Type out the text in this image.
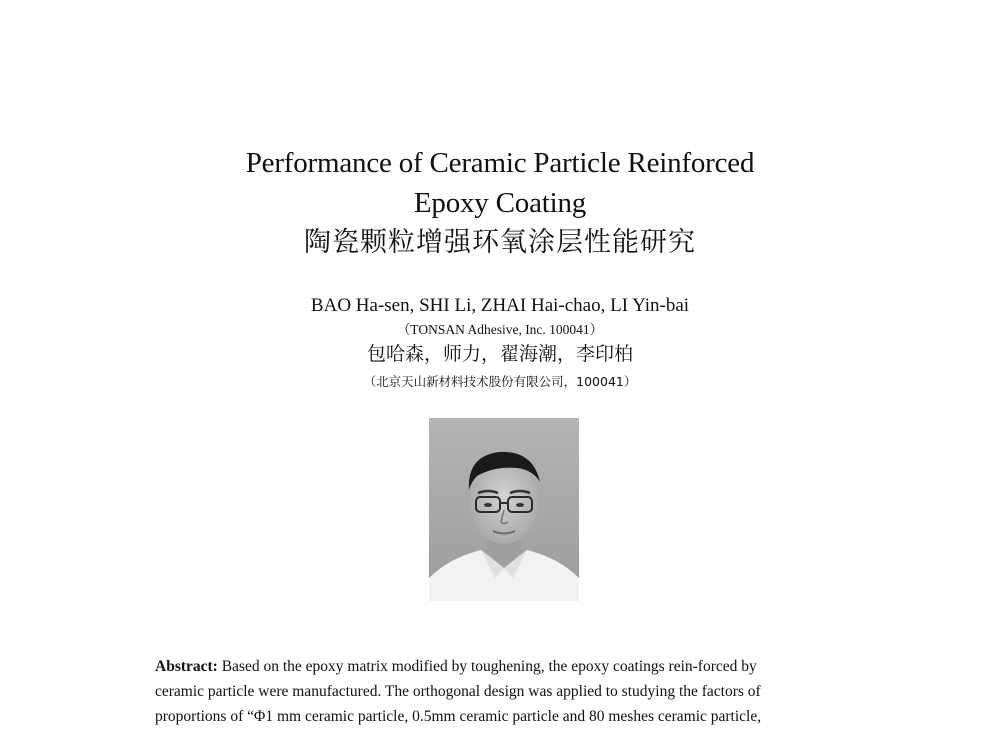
Performance of Ceramic Particle Reinforced
Epoxy Coating
陶瓷颗粒增强环氧涂层性能研究
BAO Ha-sen, SHI Li, ZHAI Hai-chao, LI Yin-bai
（TONSAN Adhesive, Inc. 100041）
包哈森，师力，翟海潮，李印柏
（北京天山新材料技术股份有限公司，100041）
Abstract: Based on the epoxy matrix modified by toughening, the epoxy coatings rein-forced by
ceramic particle were manufactured. The orthogonal design was applied to studying the factors of
proportions of “Φ1 mm ceramic particle, 0.5mm ceramic particle and 80 meshes ceramic particle,
